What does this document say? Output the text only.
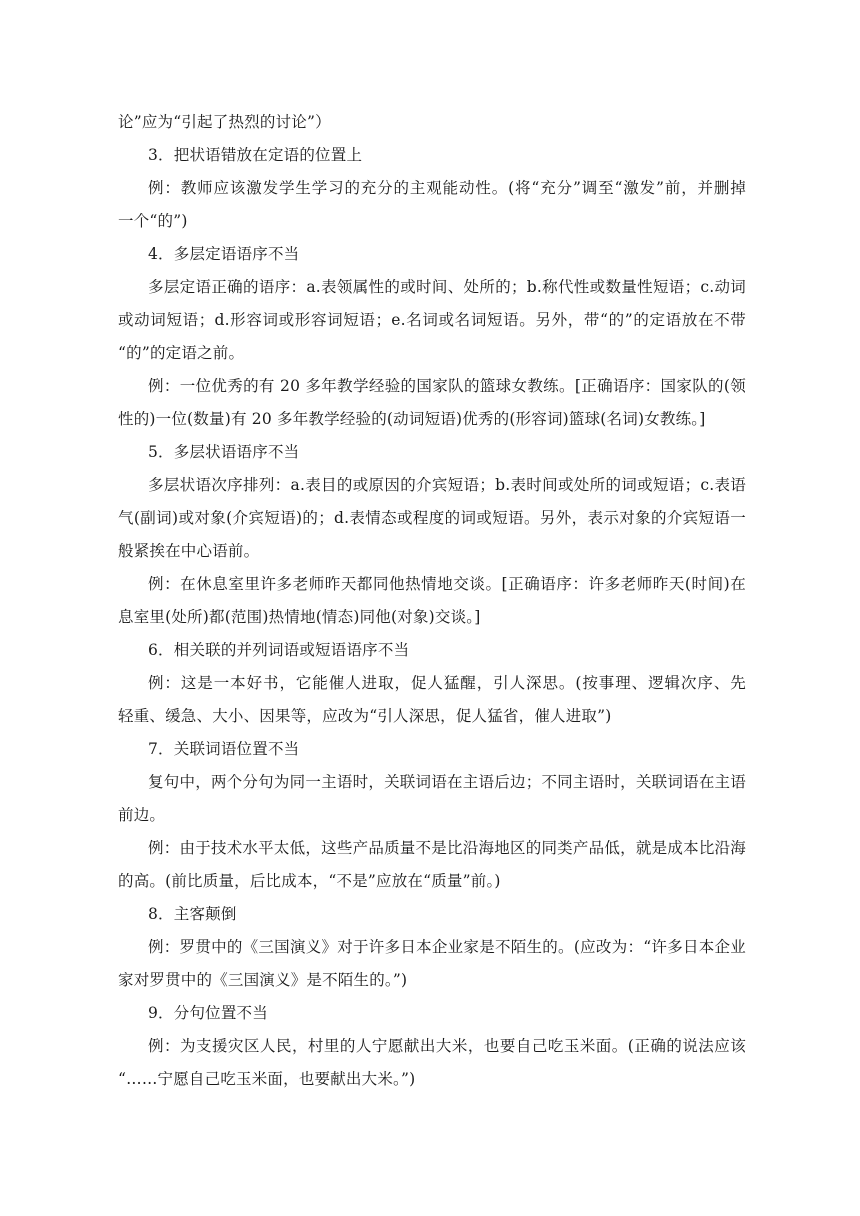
论”应为“引起了热烈的讨论”）
3．把状语错放在定语的位置上
例：教师应该激发学生学习的充分的主观能动性。(将“充分”调至“激发”前，并删掉
一个“的”)
4．多层定语语序不当
多层定语正确的语序：a.表领属性的或时间、处所的；b.称代性或数量性短语；c.动词
或动词短语；d.形容词或形容词短语；e.名词或名词短语。另外，带“的”的定语放在不带
“的”的定语之前。
例：一位优秀的有 20 多年教学经验的国家队的篮球女教练。[正确语序：国家队的(领
性的)一位(数量)有 20 多年教学经验的(动词短语)优秀的(形容词)篮球(名词)女教练。]
5．多层状语语序不当
多层状语次序排列：a.表目的或原因的介宾短语；b.表时间或处所的词或短语；c.表语
气(副词)或对象(介宾短语)的；d.表情态或程度的词或短语。另外，表示对象的介宾短语一
般紧挨在中心语前。
例：在休息室里许多老师昨天都同他热情地交谈。[正确语序：许多老师昨天(时间)在
息室里(处所)都(范围)热情地(情态)同他(对象)交谈。]
6．相关联的并列词语或短语语序不当
例：这是一本好书，它能催人进取，促人猛醒，引人深思。(按事理、逻辑次序、先
轻重、缓急、大小、因果等，应改为“引人深思，促人猛省，催人进取”)
7．关联词语位置不当
复句中，两个分句为同一主语时，关联词语在主语后边；不同主语时，关联词语在主语
前边。
例：由于技术水平太低，这些产品质量不是比沿海地区的同类产品低，就是成本比沿海
的高。(前比质量，后比成本，“不是”应放在“质量”前。)
8．主客颠倒
例：罗贯中的《三国演义》对于许多日本企业家是不陌生的。(应改为：“许多日本企业
家对罗贯中的《三国演义》是不陌生的。”)
9．分句位置不当
例：为支援灾区人民，村里的人宁愿献出大米，也要自己吃玉米面。(正确的说法应该
“……宁愿自己吃玉米面，也要献出大米。”)
